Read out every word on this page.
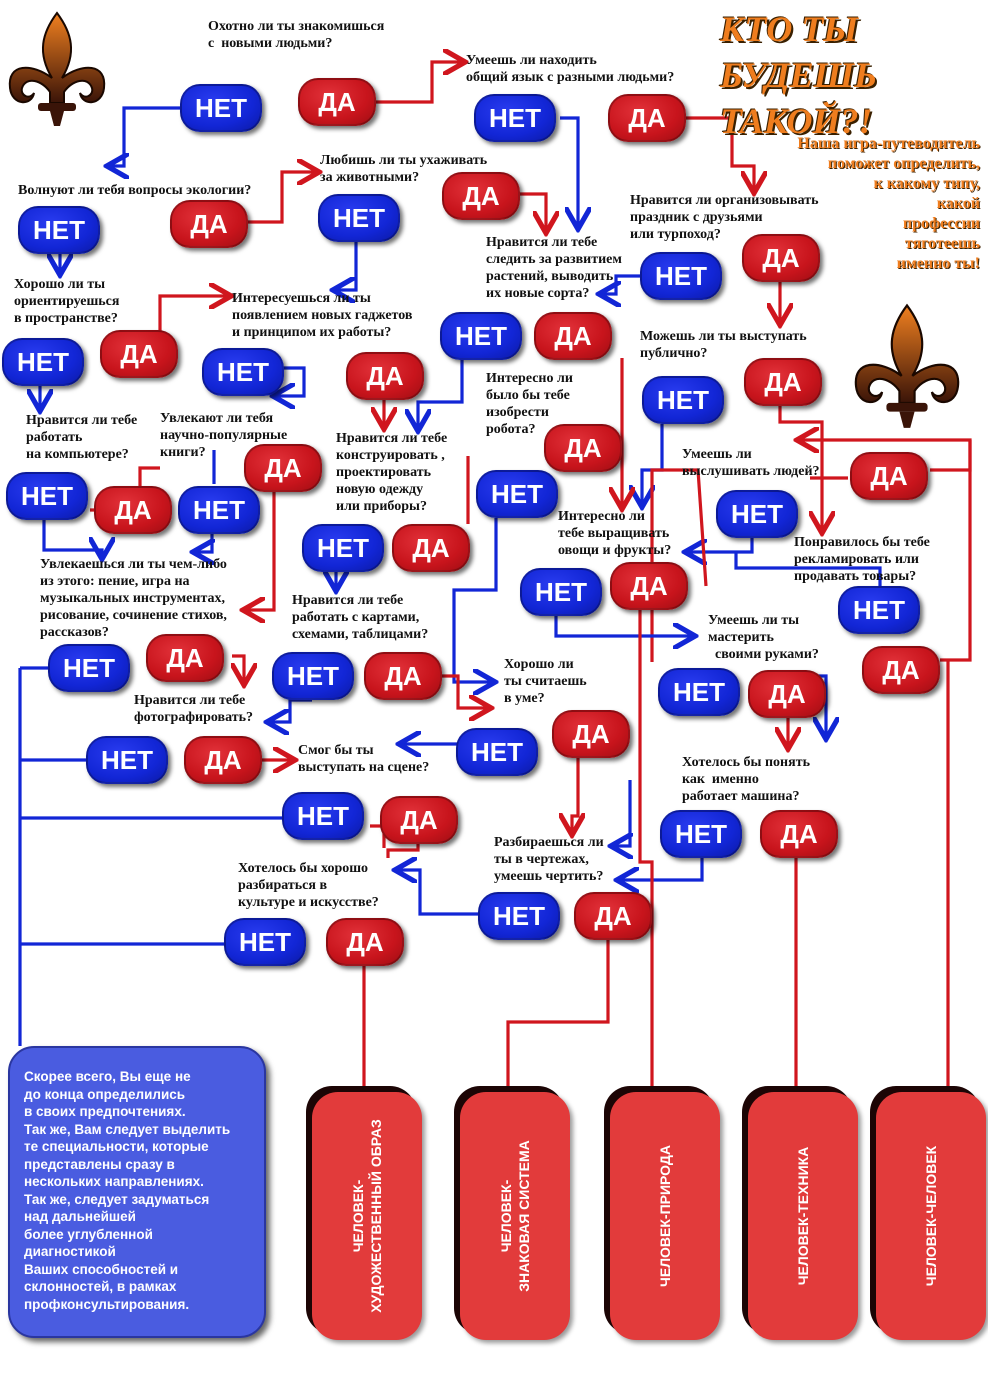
КТО ТЫ
БУДЕШЬ
ТАКОЙ?!
Наша игра-путеводитель
поможет определить,
к какому типу,
какой
профессии
тяготеешь
именно ты!
Охотно ли ты знакомишься
с  новыми людьми?
Умеешь ли находить
общий язык с разными людьми?
Волнуют ли тебя вопросы экологии?
Любишь ли ты ухаживать
за животными?
Нравится ли организовывать
праздник с друзьями
или турпоход?
Нравится ли тебе
следить за развитием
растений, выводить
их новые сорта?
Хорошо ли ты
ориентируешься
в пространстве?
Интересуешься ли ты
появлением новых гаджетов
и принципом их работы?	Можешь ли ты выступать
публично?
Интересно ли
было бы тебе
изобрести
робота?
Нравится ли тебе
работать
на компьютере?
Увлекают ли тебя
научно-популярные
книги?
Нравится ли тебе
конструировать ,
проектировать
новую одежду
или приборы?
Умеешь ли
выслушивать людей?
Интересно ли
тебе выращивать
овощи и фрукты?
Понравилось бы тебе
рекламировать или
продавать товары?
Увлекаешься ли ты чем-либо
из этого: пение, игра на
музыкальных инструментах,
рисование, сочинение стихов,
рассказов?
Нравится ли тебе
работать с картами,
схемами, таблицами?
Умеешь ли ты
мастерить
своими руками?
Хорошо ли
ты считаешь
в уме?
Нравится ли тебе
фотографировать?
Хотелось бы понять
как  именно
работает машина?
Смог бы ты
выступать на сцене?
Разбираешься ли
ты в чертежах,
умеешь чертить?
Хотелось бы хорошо
разбираться в
культуре и искусстве?
НЕТ	ДА
НЕТ	ДА
НЕТ	ДА	НЕТ
ДА
ДА
НЕТ
НЕТ	ДА
НЕТ	ДА
НЕТ	ДА
ДА
НЕТ
ДА
НЕТ	ДА	НЕТ
ДА	ДА
НЕТ
НЕТ
НЕТ	ДА
НЕТ	ДА
НЕТ
ДА
НЕТ	ДА
НЕТ	ДА
НЕТ	ДА
ДА
НЕТ	ДА	НЕТ
НЕТ	ДА	НЕТ	ДА
НЕТ	ДА
НЕТ	ДА
Скорее всего, Вы еще не
до конца определились
в своих предпочтениях.
Так же, Вам следует выделить
те специальности, которые
представлены сразу в
нескольких направлениях.
Так же, следует задуматься
над дальнейшей
более углубленной
диагностикой
Ваших способностей и
склонностей, в рамках
профконсультирования.
ЧЕЛОВЕК-
ХУДОЖЕСТВЕННЫЙ ОБРАЗ
ЧЕЛОВЕК-
ЗНАКОВАЯ СИСТЕМА	ЧЕЛОВЕК-ПРИРОДА	ЧЕЛОВЕК-ТЕХНИКА	ЧЕЛОВЕК-ЧЕЛОВЕК
